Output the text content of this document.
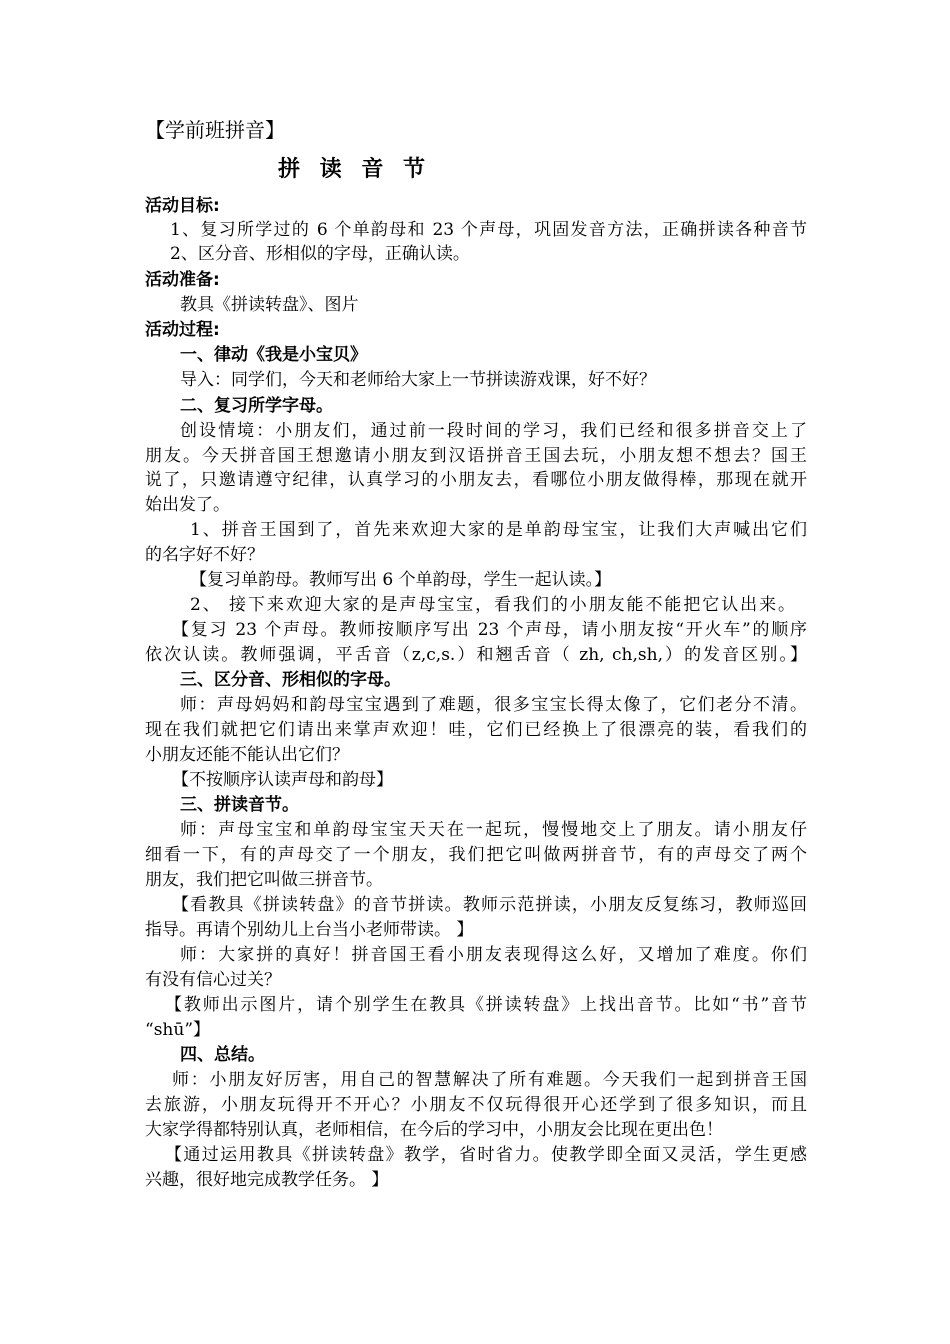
【学前班拼音】
拼 读 音 节
活动目标:
1、复习所学过的 6 个单韵母和 23 个声母，巩固发音方法，正确拼读各种音节
2、区分音、形相似的字母，正确认读。
活动准备:
教具《拼读转盘》、图片
活动过程:
一、律动《我是小宝贝》
导入：同学们，今天和老师给大家上一节拼读游戏课，好不好？
二、复习所学字母。
创设情境：小朋友们，通过前一段时间的学习，我们已经和很多拼音交上了
朋友。今天拼音国王想邀请小朋友到汉语拼音王国去玩，小朋友想不想去？国王
说了，只邀请遵守纪律，认真学习的小朋友去，看哪位小朋友做得棒，那现在就开
始出发了。
1、拼音王国到了，首先来欢迎大家的是单韵母宝宝，让我们大声喊出它们
的名字好不好？
【复习单韵母。教师写出 6 个单韵母，学生一起认读。】
2、 接下来欢迎大家的是声母宝宝，看我们的小朋友能不能把它认出来。
【复习 23 个声母。教师按顺序写出 23 个声母，请小朋友按“开火车”的顺序
依次认读。教师强调，平舌音（z,c,s.）和翘舌音（ zh, ch,sh,）的发音区别。】
三、区分音、形相似的字母。
师：声母妈妈和韵母宝宝遇到了难题，很多宝宝长得太像了，它们老分不清。
现在我们就把它们请出来掌声欢迎！哇，它们已经换上了很漂亮的装，看我们的
小朋友还能不能认出它们？
【不按顺序认读声母和韵母】
三、拼读音节。
师：声母宝宝和单韵母宝宝天天在一起玩，慢慢地交上了朋友。请小朋友仔
细看一下，有的声母交了一个朋友，我们把它叫做两拼音节，有的声母交了两个
朋友，我们把它叫做三拼音节。
【看教具《拼读转盘》的音节拼读。教师示范拼读，小朋友反复练习，教师巡回
指导。再请个别幼儿上台当小老师带读。 】
师：大家拼的真好！拼音国王看小朋友表现得这么好，又增加了难度。你们
有没有信心过关？
【教师出示图片，请个别学生在教具《拼读转盘》上找出音节。比如“书”音节
“shū”】
四、总结。
师：小朋友好厉害，用自己的智慧解决了所有难题。今天我们一起到拼音王国
去旅游，小朋友玩得开不开心？小朋友不仅玩得很开心还学到了很多知识，而且
大家学得都特别认真，老师相信，在今后的学习中，小朋友会比现在更出色！
【通过运用教具《拼读转盘》教学，省时省力。使教学即全面又灵活，学生更感
兴趣，很好地完成教学任务。 】
